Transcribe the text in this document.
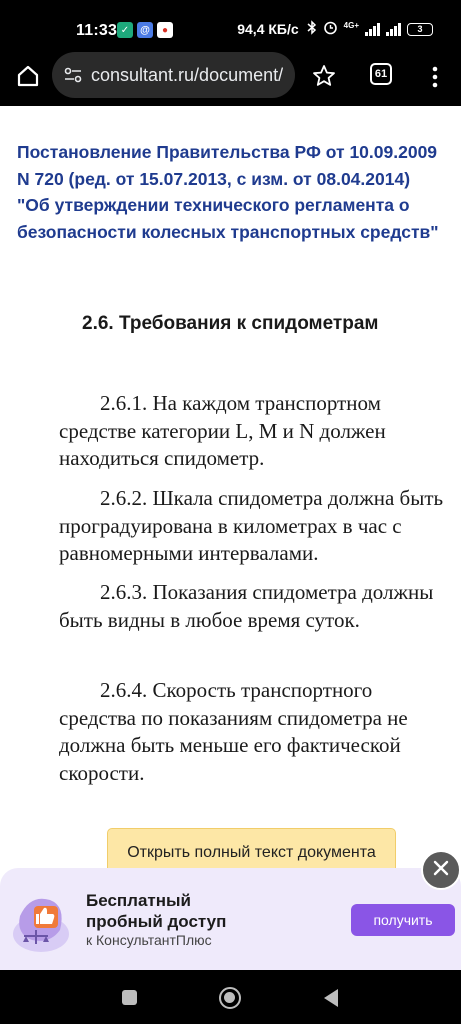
11:33 ✓	@	●	94,4 КБ/с	4G+	3
consultant.ru/document/	61
Постановление Правительства РФ от 10.09.2009 N 720 (ред. от 15.07.2013, с изм. от 08.04.2014) "Об утверждении технического регламента о безопасности колесных транспортных средств"
2.6. Требования к спидометрам

2.6.1. На каждом транспортном средстве категории L, M и N должен находиться спидометр.

2.6.2. Шкала спидометра должна быть проградуирована в километрах в час с равномерными интервалами.

2.6.3. Показания спидометра должны быть видны в любое время суток.

2.6.4. Скорость транспортного средства по показаниям спидометра не должна быть меньше его фактической скорости.

Открыть полный текст документа
Бесплатный
пробный доступ
к КонсультантПлюс
получить
